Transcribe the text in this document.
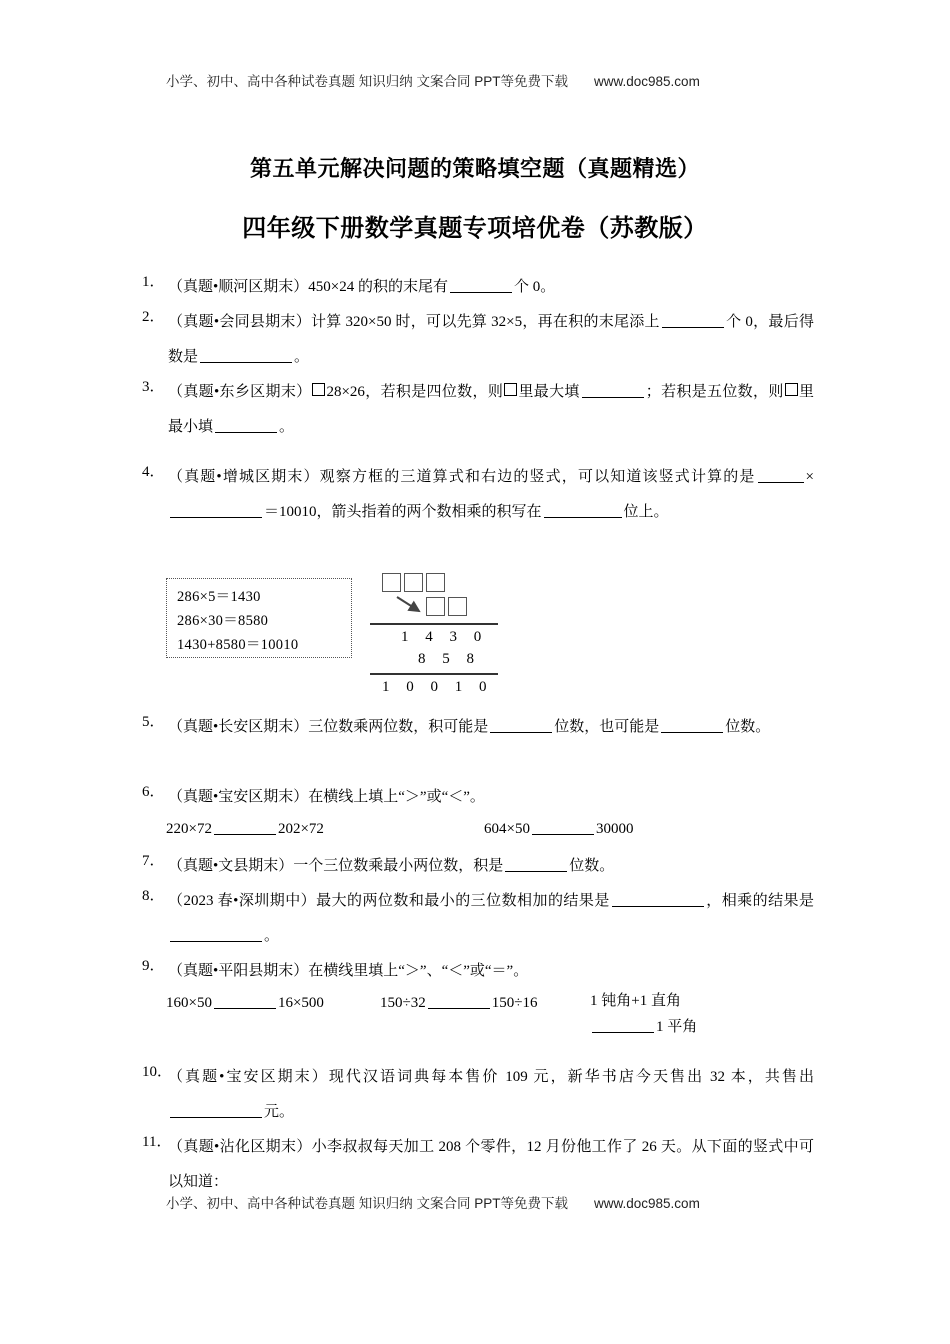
小学、初中、高中各种试卷真题 知识归纳 文案合同 PPT等免费下载 www.doc985.com
第五单元解决问题的策略填空题（真题精选）
四年级下册数学真题专项培优卷（苏教版）
1． （真题•顺河区期末）450×24 的积的末尾有	个 0。
2． （真题•会同县期末）计算 320×50 时，可以先算 32×5，再在积的末尾添上	个 0，最后得数是	。
3． （真题•东乡区期末） 28×26，若积是四位数，则 里最大填	；若积是五位数，则 里最小填	。
4． （真题•增城区期末）观察方框的三道算式和右边的竖式，可以知道该竖式计算的是	×＝10010，箭头指着的两个数相乘的积写在	位上。
286×5＝1430
286×30＝8580
1430+8580＝10010	1 4 3 0
8 5 8
1 0 0 1 0
5． （真题•长安区期末）三位数乘两位数，积可能是	位数，也可能是	位数。
6． （真题•宝安区期末）在横线上填上“＞”或“＜”。
220×72	202×72	604×50	30000
7． （真题•文县期末）一个三位数乘最小两位数，积是	位数。
8． （2023 春•深圳期中）最大的两位数和最小的三位数相加的结果是	，相乘的结果是。
9． （真题•平阳县期末）在横线里填上“＞”、“＜”或“＝”。
160×50	16×500	150÷32	150÷16	1 钝角+1 直角1 平角
10．
（真题•宝安区期末）现代汉语词典每本售价 109 元，新华书店今天售出 32 本，共售出元。
11．
（真题•沾化区期末）小李叔叔每天加工 208 个零件，12 月份他工作了 26 天。从下面的竖式中可以知道：
小学、初中、高中各种试卷真题 知识归纳 文案合同 PPT等免费下载 www.doc985.com
